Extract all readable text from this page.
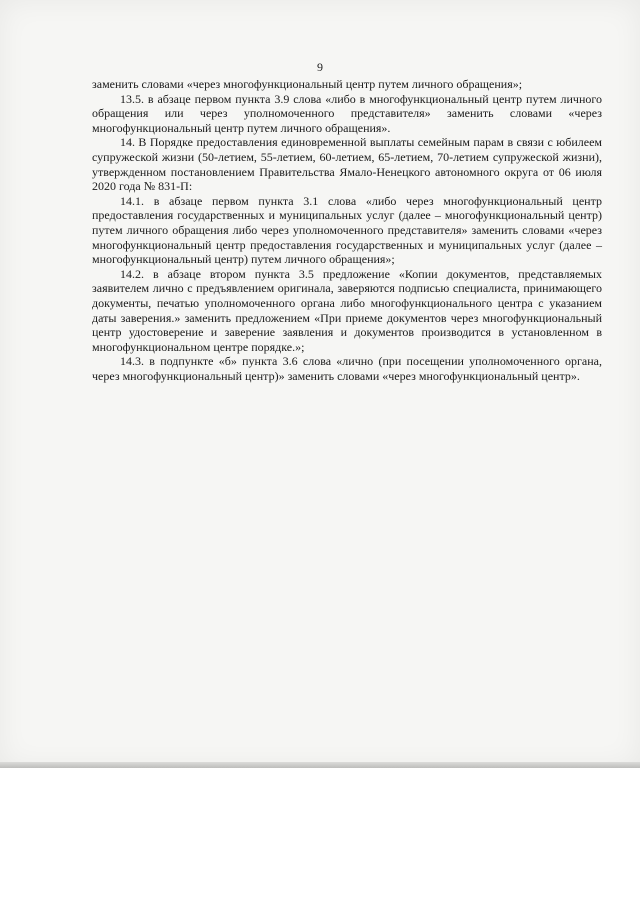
9

заменить словами «через многофункциональный центр путем личного обращения»;

13.5. в абзаце первом пункта 3.9 слова «либо в многофункциональный центр путем личного обращения или через уполномоченного представителя» заменить словами «через многофункциональный центр путем личного обращения».

14. В Порядке предоставления единовременной выплаты семейным парам в связи с юбилеем супружеской жизни (50-летием, 55-летием, 60-летием, 65-летием, 70-летием супружеской жизни), утвержденном постановлением Правительства Ямало-Ненецкого автономного округа от 06 июля 2020 года № 831-П:

14.1. в абзаце первом пункта 3.1 слова «либо через многофункциональный центр предоставления государственных и муниципальных услуг (далее – многофункциональный центр) путем личного обращения либо через уполномоченного представителя» заменить словами «через многофункциональный центр предоставления государственных и муниципальных услуг (далее – многофункциональный центр) путем личного обращения»;

14.2. в абзаце втором пункта 3.5 предложение «Копии документов, представляемых заявителем лично с предъявлением оригинала, заверяются подписью специалиста, принимающего документы, печатью уполномоченного органа либо многофункционального центра с указанием даты заверения.» заменить предложением «При приеме документов через многофункциональный центр удостоверение и заверение заявления и документов производится в установленном в многофункциональном центре порядке.»;

14.3. в подпункте «б» пункта 3.6 слова «лично (при посещении уполномоченного органа, через многофункциональный центр)» заменить словами «через многофункциональный центр».
